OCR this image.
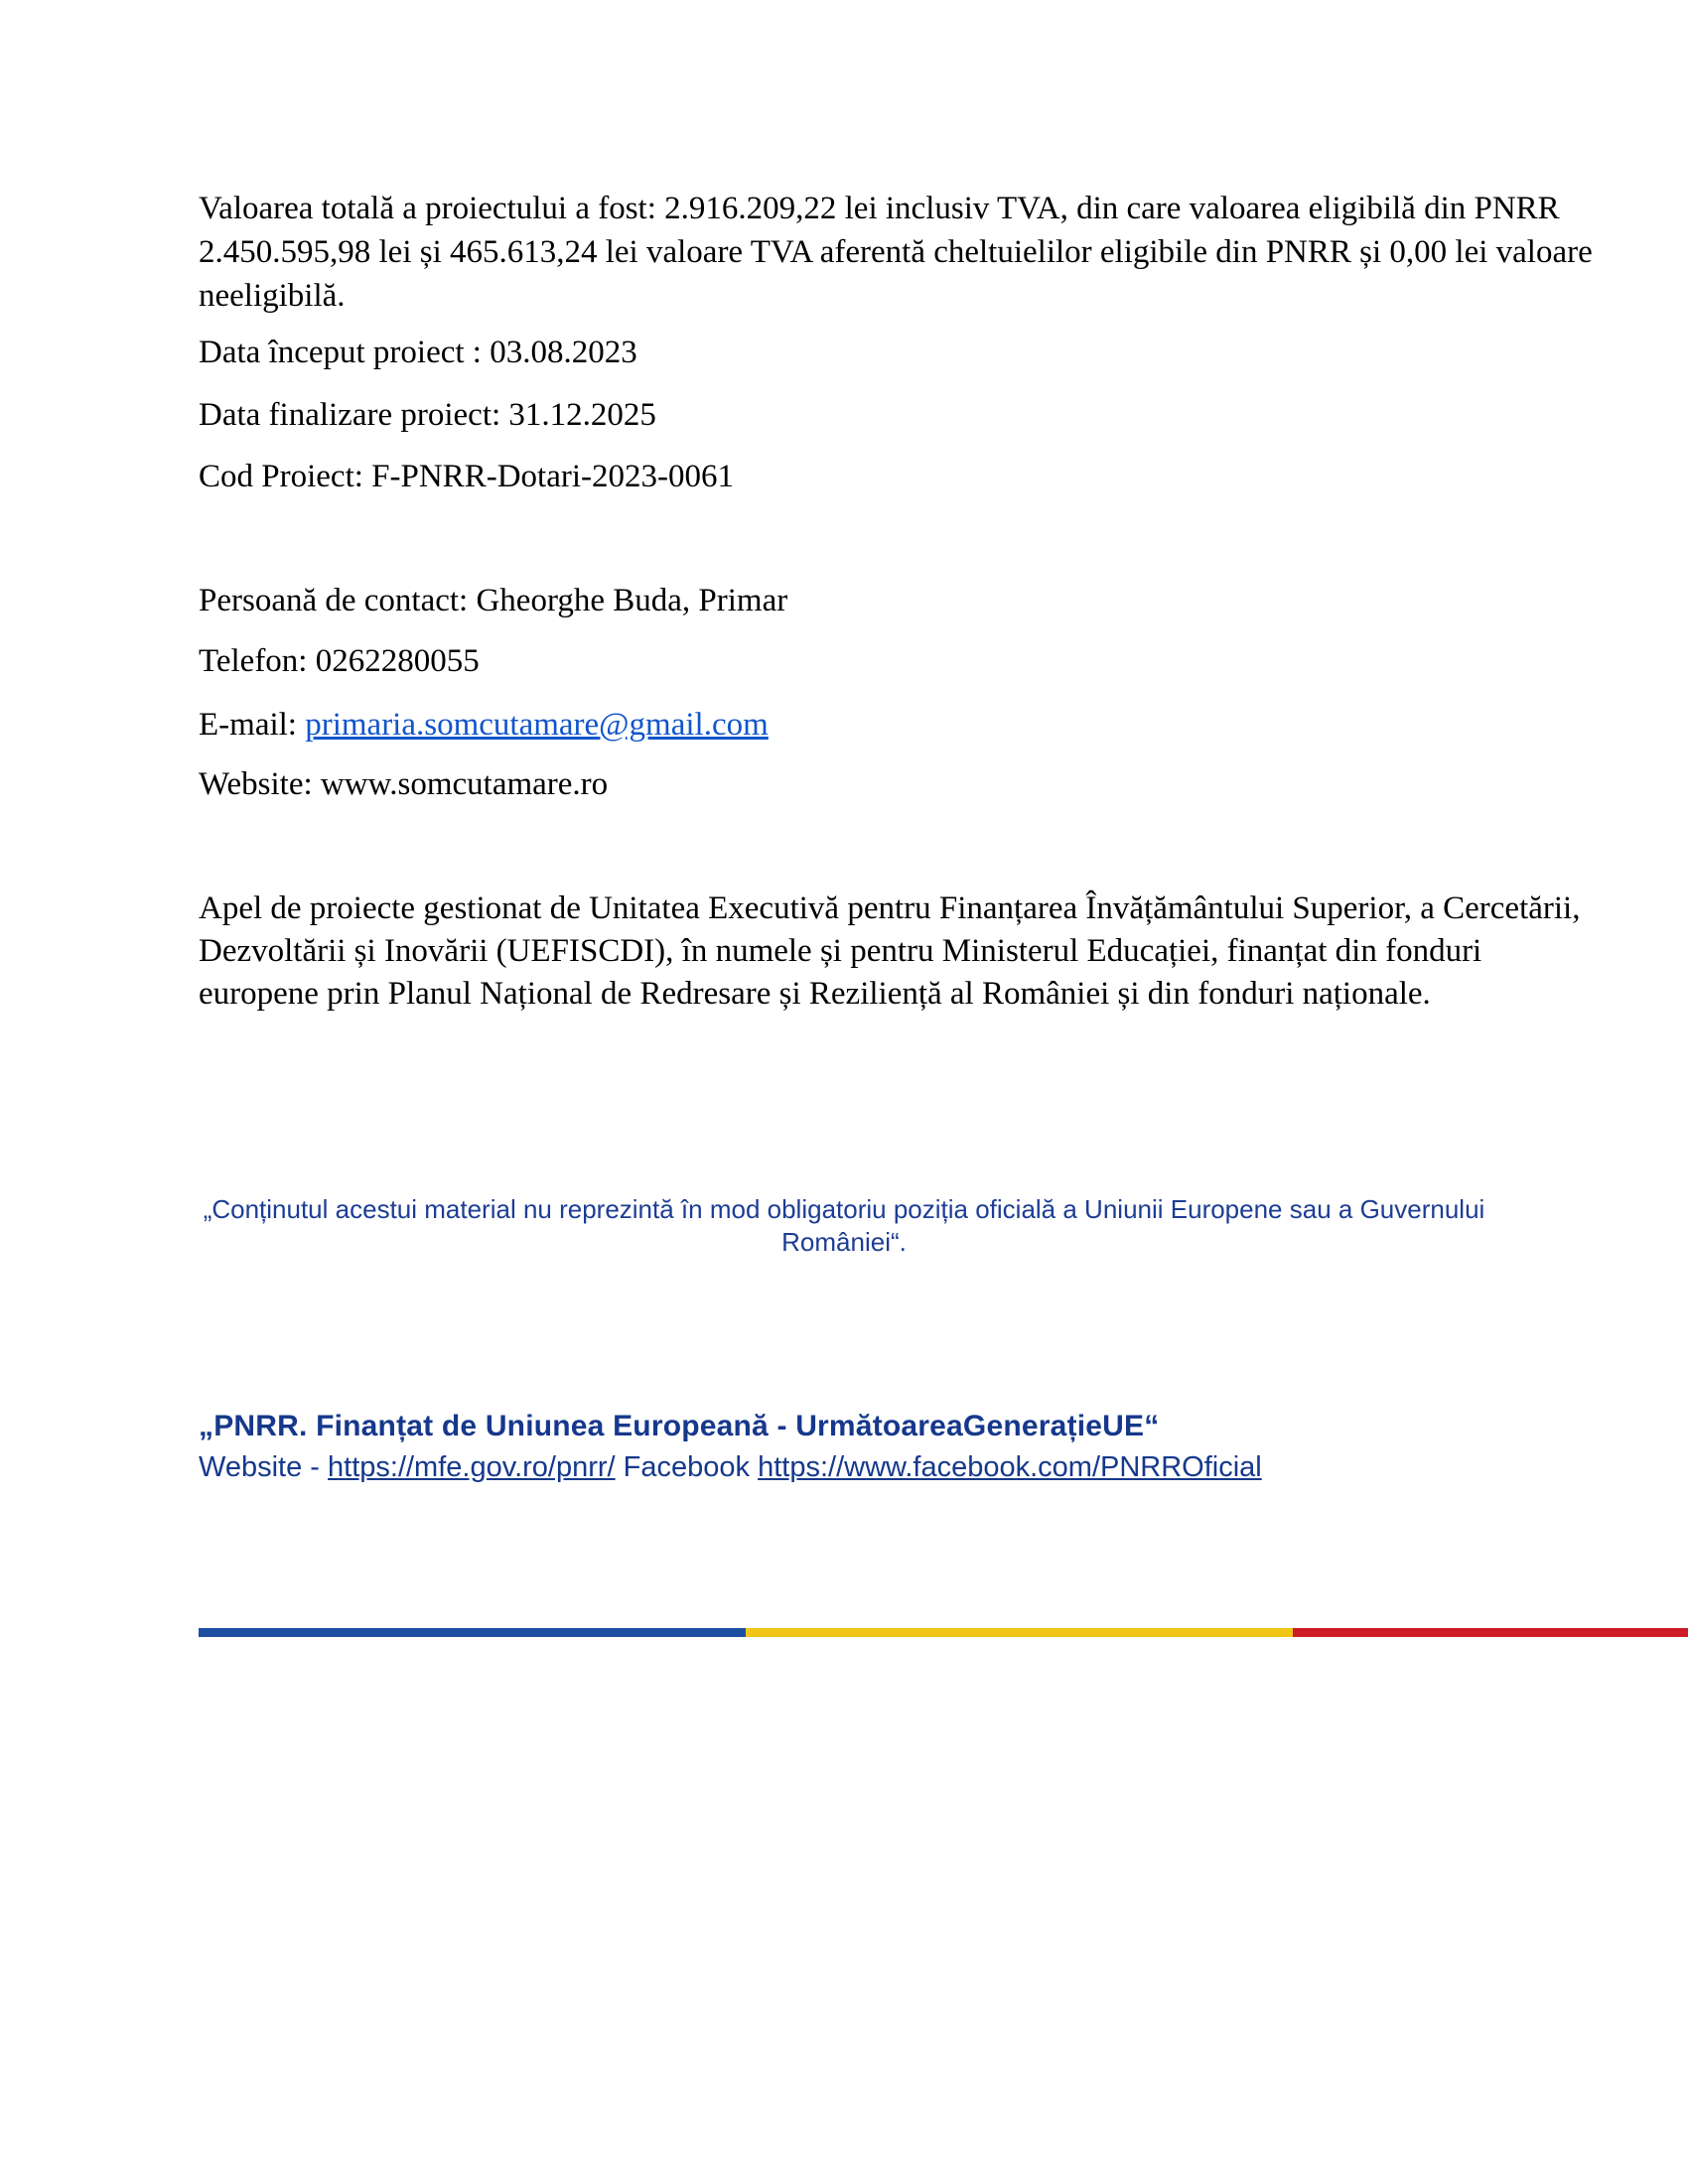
Valoarea totală a proiectului a fost: 2.916.209,22 lei inclusiv TVA, din care valoarea eligibilă din PNRR
2.450.595,98 lei și 465.613,24 lei valoare TVA aferentă cheltuielilor eligibile din PNRR și 0,00 lei valoare
neeligibilă.
Data început proiect : 03.08.2023
Data finalizare proiect: 31.12.2025
Cod Proiect: F-PNRR-Dotari-2023-0061
Persoană de contact: Gheorghe Buda, Primar
Telefon: 0262280055
E-mail: primaria.somcutamare@gmail.com
Website: www.somcutamare.ro
Apel de proiecte gestionat de Unitatea Executivă pentru Finanțarea Învățământului Superior, a Cercetării,
Dezvoltării și Inovării (UEFISCDI), în numele și pentru Ministerul Educației, finanțat din fonduri
europene prin Planul Național de Redresare și Reziliență al României și din fonduri naționale.
„Conținutul acestui material nu reprezintă în mod obligatoriu poziția oficială a Uniunii Europene sau a Guvernului României“.
„PNRR. Finanțat de Uniunea Europeană - UrmătoareaGenerațieUE“
Website - https://mfe.gov.ro/pnrr/ Facebook https://www.facebook.com/PNRROficial
